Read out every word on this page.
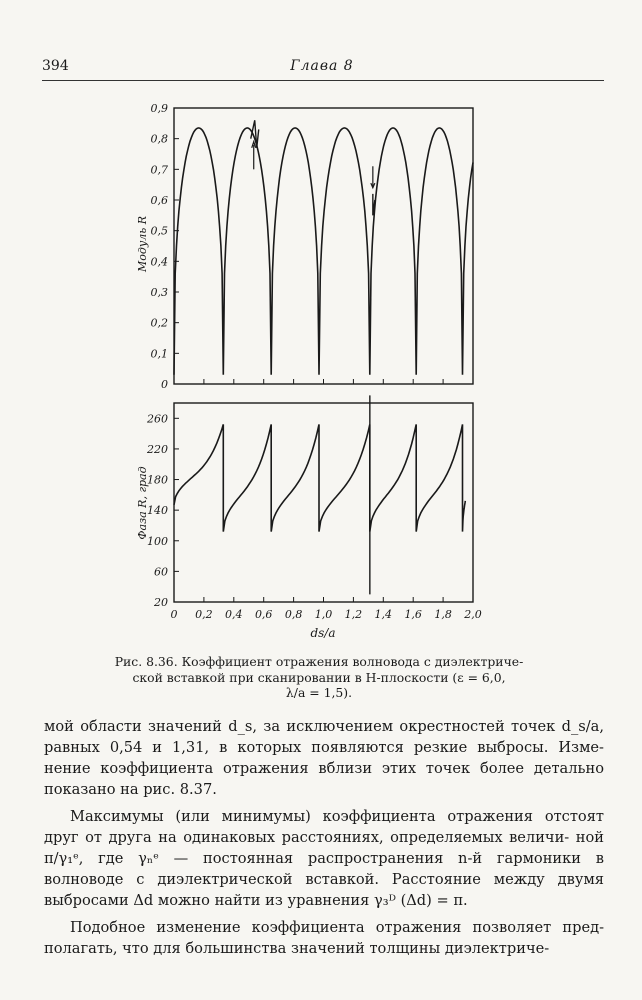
394	Глава 8
0
0,1
0,2
0,3
0,4
0,5
0,6
0,7
0,8
0,9
Модуль R
20
60
100
140
180
220
260
0 0,2 0,4 0,6 0,8 1,0 1,2 1,4 1,6 1,8 2,0
Фаза R, град
ds/a
Рис. 8.36. Коэффициент отражения волновода с диэлектриче-
ской вставкой при сканировании в H-плоскости (ε = 6,0,
λ/a = 1,5).

мой области значений d_s, за исключением окрестностей точек d_s/a, равных 0,54 и 1,31, в которых появляются резкие выбросы. Изме- нение коэффициента отражения вблизи этих точек более детально показано на рис. 8.37.

Максимумы (или минимумы) коэффициента отражения отстоят друг от друга на одинаковых расстояниях, определяемых величи- ной π/γ₁ᵉ, где γₙᵉ — постоянная распространения n-й гармоники в волноводе с диэлектрической вставкой. Расстояние между двумя выбросами Δd можно найти из уравнения γ₃ᴰ (Δd) = π.

Подобное изменение коэффициента отражения позволяет пред- полагать, что для большинства значений толщины диэлектриче-
